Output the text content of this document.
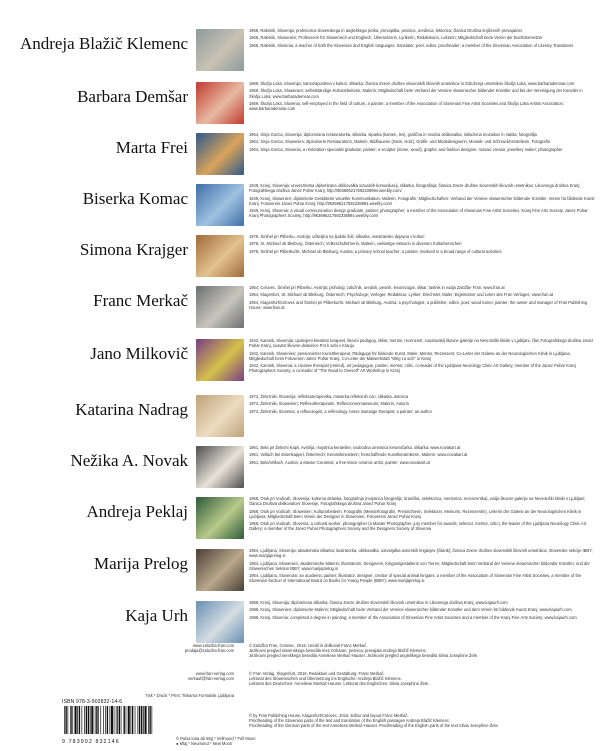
Andreja Blažič Klemenc

1968, Rakitnik, Slovenija; profesorica slovenskega in angleškega jezika, prevajalka, pesnica, urednica, lektorica; članica Društva književnih prevajalcev

1968, Rakitnik, Slowenien; Professorin für Slowenisch und Englisch, Übersetzerin, Lyrikerin, Redakteurin, Lektorin; Mitgliedschaft beim Verein der Buchübersetzer

1968, Rakitnik, Slovenia; a teacher of both the Slovenian and English languages, translator, poet, editor, proofreader; a member of the Slovenian Association of Literary Translators

Barbara Demšar

1969, Škofja Loka, Slovenija; samozaposlena v kulturi, slikarka; članica Zveze društev slovenskih likovnih umetnikov in Združenja umetnikov Škofja Loka; www.barbarademsar.com

1969, Škofja Loka, Slowenien; selbstständige Kulturarbeiterin, Malerin; Mitgliedschaft beim Verband der Vereine slowenischer bildender Künstler und bei der Vereinigung der Künstler in Škofja Loka; www.barbarademsar.com

1969, Škofja Loka, Slovenia; self-employed in the field of culture, a painter; a member of the Association of Slovenian Fine Artist Societies and Škofja Loka Artists Association; www.barbarademsar.com

Marta Frei

1964, Sinja Gorica, Slovenija; diplomirana restavratorka, slikarka, kiparka (kamen, les), grafična in modna oblikovalka; inkluzivna mozaikov in nakita, fotografija

1964, Sinja Gorica, Slowenien; diplomierte Restauratorin, Malerin, Bildhauerin (Stein, Holz), Grafik- und Modedesignerin, Mosaik- und Schmuckherstellerin, Fotografin

1964, Sinja Gorica, Slovenia; a restoration specialist graduate; painter; a sculptor (stone, wood), graphic and fashion designer, mosaic creator, jewellery maker; photographer

Biserka Komac

1949, Kranj, Slovenija; univerzitetna diplomirana oblikovalka vizualnih komunikacij, slikarka, fotografinja; članica Zveze društev slovenskih likovnih umetnikov; Likovnega društva Kranj; Fotografskega društva Janez Puhar Kranj; http://9636962175923389​94.weebly.com/

1949, Kranj, Slowenien; diplomierte Gestalterin visueller Kommunikation, Malerin, Fotografin; Mitgliedschaften: Verband der Vereine slowenischer bildender Künstler, Verein für bildende Kunst Kranj, Fotoverein Janez Puhar Kranj; http://963696217592338894.weebly.com/

1949, Kranj, Slovenia; a visual communication design graduate, painter, photographer; a member of the Association of Slovenian Fine Artist Societies, Kranj Fine Arts Society, Janez Puhar Kranj Photographers Society; http://963696217592338894.weebly.com/

Simona Krajger

1978, Šmihel pri Pliberku, Avstrija; učiteljica na ljudski šoli; slikarka, vsestransko dejavna v kulturi

1978, St. Michael ob Bleiburg, Österreich; Volksschullehrerin, Malerin, vielseitige Akteurin in diversen Kulturbereichen

1978, Šmihel pri Pliberku/St. Michael ob Bleiburg, Austria; a primary school teacher; a painter, involved in a broad range of cultural activities

Franc Merkač

1954, Celovec, Šmihel pri Pliberku, Avstrija; psiholog; založnik, urednik, pesnik, lesorezugar, slikar; lastnik in vodja Založbe Fran; www.fran.at

1954, Klagenfurt, St. Michael ob Bleiburg, Österreich; Psychologe; Verleger, Redakteur, Lyriker, Drechsler, Maler; Eigentümer und Leiter des Fran Verlages; www.fran.at

1954, Klagenfurt/Celovec and Šmihel pri Pliberku/St. Michael ob Bleiburg, Austria; a psychologist; a publisher, editor, poet, wood turner, painter; the owner and manager of Fran Publishing House; www.fran.at

Jano Milkovič

1942, Kamnik, Slovenija; upokojeni kreativni terapevt, likovni pedagog, slikar, mentor, recenzent, soustavitelj likovne galerije na Nevrološki kliniki v Ljubljani, član Fotografskega društva Janez Puhar Kranj, soavtor likovne delavnice Pot k sebi v Kranju

1942, Kamnik, Slowenien; pensionierter Kunsttherapeut, Pädagoge für bildende Kunst, Maler, Mentor, Rezensent, Co-Leiter der Galerie an der Neurologischen Klinik in Ljubljana, Mitgliedschaft beim Fotoverein Janez Puhar Kranj, Co-Leiter der Malwerkstatt "Weg zu sich" in Kranj

1942, Kamnik, Slovenia; a creative therapist (retired), art pedagogue, painter, mentor, critic, co-leader of the Ljubljana Neurology Clinic Art Gallery, member of the Janez Puhar Kranj Photographers Society, a co-leader of "The Road to Oneself" Art Workshop in Kranj

Katarina Nadrag

1972, Železniki, Slovenija; refleksoterapevtka, maserka refleksnih con; slikarka, avtorica

1972, Železniki, Slowenien; Reflexotherapeutin, Reflexzonenmasseurin; Malerin, Autorin

1972, Železniki, Slovenia; a reflexologist, a reflexology zones massage therapist; a painter; an author

Nežika A. Novak

1961, Bela pri Železni Kapli, Avstrija; mojstrica keramike; svobodna umetnica keramičarka, slikarka; www.novakart.at

1961, Vellach bei Eisenkappel, Österreich; Keramikmeisterin; freischaffende Kunstkeramikerin, Malerin; www.novakart.at

1961, Bela/Vellach, Austria; a Master Ceramist; a free-lance ceramic artist, painter; www.novakart.at

Andreja Peklaj

1958, Otok pri Vodicah, Slovenija; kulturna delavka, fotografinja (mojstrica fotografije, tiranička, selektorica, mentorica, recenzentka), vodja likovne galerije na Nevrološki kliniki v Ljubljani; članica Društva oblikovalcev Slovenije, Fotografskega društva Janez Puhar Kranj

1958, Otok pri Vodicah, Slowenien; Kulturarbeiterin, Fotografin (Meisterfotografin, Preisrichterin, Selektorin, Mentorin, Rezensentin), Leiterin der Galerie an der Neurologischen Klinik in Ljubljana; Mitgliedschaft beim Verein der Designer in Slowenien, Fotoverein Janez Puhar Kranj

1958, Otok pri Vodicah, Slovenia; a cultural worker, photographer (a Master Photographer, jury member for awards, selector, mentor, critic), the leader of the Ljubljana Neurology Clinic Art Gallery; a member of the Janez Puhar Photographers Society and the Designers Society of Slovenia

Marija Prelog

1954, Ljubljana, Slovenija; akademska slikarka; ilustratorka, oblikovalka, ustvarjalka avtorskih kriganjev (čitank); članica Zveze društev slovenskih likovnih umetnikov, Slovenske sekcije IBBY; www.marijaprelog.si

1954, Ljubljana, Slowenien, akademische Malerin; Illustratorin, Designerin, Kirigamigestalterin von Tieren; Mitgliedschaft beim Verband der Vereine slowenischer bildender Künstler, und der Slowenischen Sektion IBBY; www.marijaprelog.si

1954, Ljubljana, Slovenian; an academic painter; illustrator, designer, creator of special animal kirigami, a member of the Association of Slovenian Fine Artist Societies, a member of the Slovenian Section of International Board on Books for Young People (IBBY); www.marijaprelog.si

Kaja Urh

1988, Kranj, Slovenija; diplomirana slikarka; članica Zveze društev slovenskih likovnih umetnikov in Likovnega društva Kranj; www.kajaurh.com

1988, Kranj, Slowenien; diplomierte Malerin; Mitgliedschaft beim Verband der Vereine slowenischer bildender Künstler und dem Verein für bildende Kunst Kranj; www.kajaurh.com

1988, Kranj, Slovenia; completed a degree in painting; a member of the Association of Slovenian Fine Artist Societies and a member of the Kranj Fine Arts Society; www.kajaurh.com

www.zalozba-fran.com
prodaja@zalozba-fran.com
© Založba Fran, Celovec, 2016. Uredil in oblikoval Franc Merkač.
Jezikovni pregled slovenskega besedila Ines Ozkaran, pesnica, prevajala Andreja Blažič Klemenc.
Jezikovni pregled nemškega besedila Anneliese Merkač-Hauser. Jezikovni pregled angleškega besedila Silvia Josephine Žele.
www.fran-verlag.com
verkauf@fran-verlag.com
© Fran Verlag, Klagenfurt, 2016. Redaktion und Gestaltung: Franc Merkač.
Lektorat des Slowenischen und Übersetzung ins Englische: Andreja Blažič Klemenc.
Lektorat des Deutschen: Anneliese Merkač-Hauser. Lektorat des Englischen: Silvia Josephine Žele.
Tisk * Druck * Print: Tiskarna Formatisk Ljubljana
© by Fran Publishing House, Klagenfurt/Celovec, 2016. Editor and layout Franc Merkač.
Proofreading of the Slovenian parts of the text and translation of the English passages Andreja Blažič Klemenc.
Proofreading of the German parts of the text Anneliese Merkač-Hauser. Proofreading of the English parts of the text Silvia Josephine Žele.
ISBN 978-3-902832-14-6
9 783902 832146
© Pulsa luna ab 65g * Vellmond * Full Moon
● Mlaj * Neumond * New Moon
